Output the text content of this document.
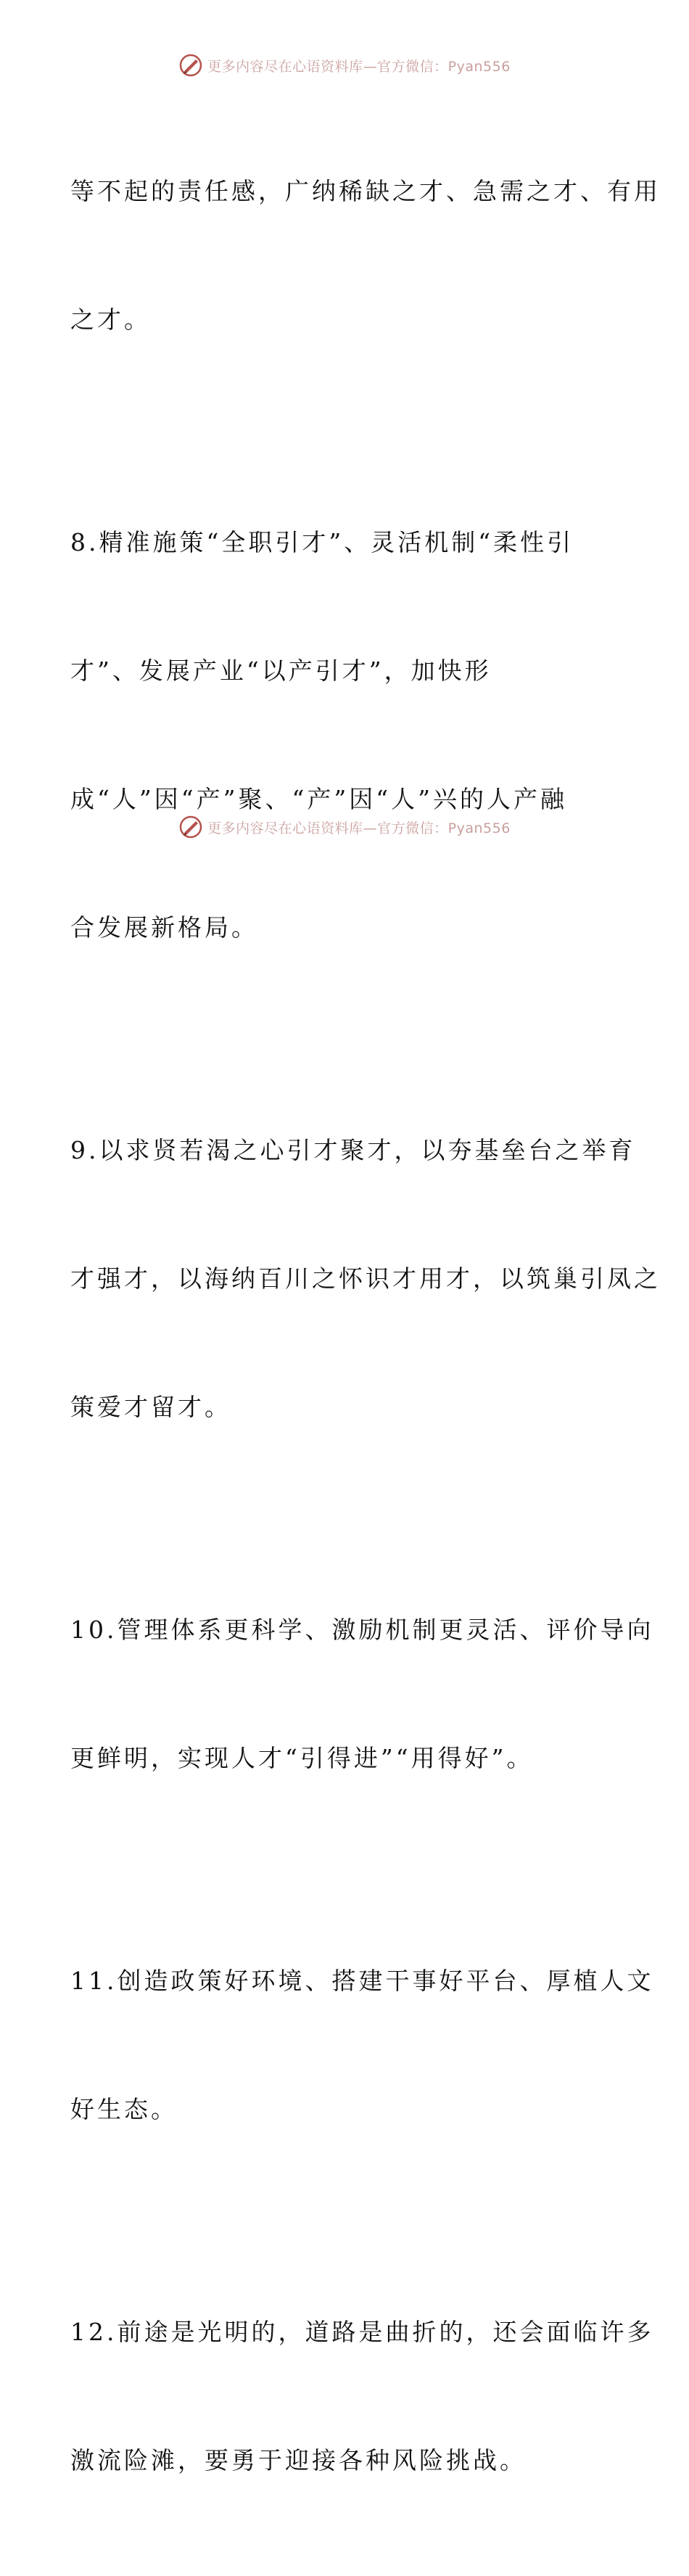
更多内容尽在心语资料库—官方微信：Pyan556

等不起的责任感，广纳稀缺之才、急需之才、有用

之才。

8.精准施策“全职引才”、灵活机制“柔性引

才”、发展产业“以产引才”，加快形

成“人”因“产”聚、“产”因“人”兴的人产融

合发展新格局。

9.以求贤若渴之心引才聚才，以夯基垒台之举育

才强才，以海纳百川之怀识才用才，以筑巢引凤之

策爱才留才。

10.管理体系更科学、激励机制更灵活、评价导向

更鲜明，实现人才“引得进”“用得好”。

11.创造政策好环境、搭建干事好平台、厚植人文

好生态。

12.前途是光明的，道路是曲折的，还会面临许多

激流险滩，要勇于迎接各种风险挑战。

更多内容尽在心语资料库—官方微信：Pyan556
